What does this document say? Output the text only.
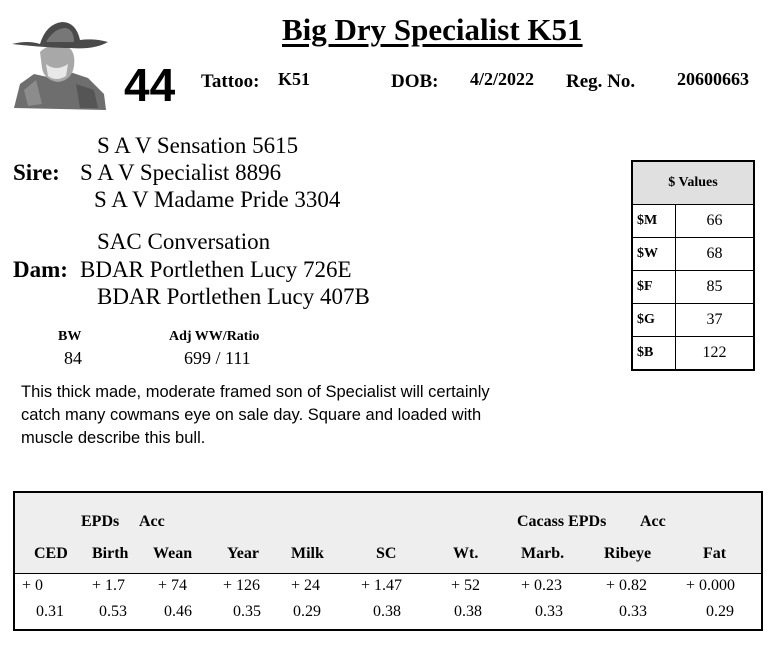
Big Dry Specialist K51
44 Tattoo: K51	DOB: 4/2/2022 Reg. No. 20600663
S A V Sensation 5615
Sire: S A V Specialist 8896
S A V Madame Pride 3304
SAC Conversation
Dam: BDAR Portlethen Lucy 726E
BDAR Portlethen Lucy 407B
BW
84
Adj WW/Ratio
699 / 111
This thick made, moderate framed son of Specialist will certainly catch many cowmans eye on sale day. Square and loaded with muscle describe this bull.
$ Values	
$M	66
$W	68
$F	85
$G	37
$B	122
EPDs Acc	Cacass EPDs Acc
CED Birth Wean Year Milk	SC	Wt.	Marb. Ribeye	Fat
+ 0	+ 1.7 + 74 + 126 + 24	+ 1.47	+ 52	+ 0.23	+ 0.82 + 0.000
0.31 0.53 0.46	0.35 0.29	0.38	0.38	0.33	0.33	0.29
